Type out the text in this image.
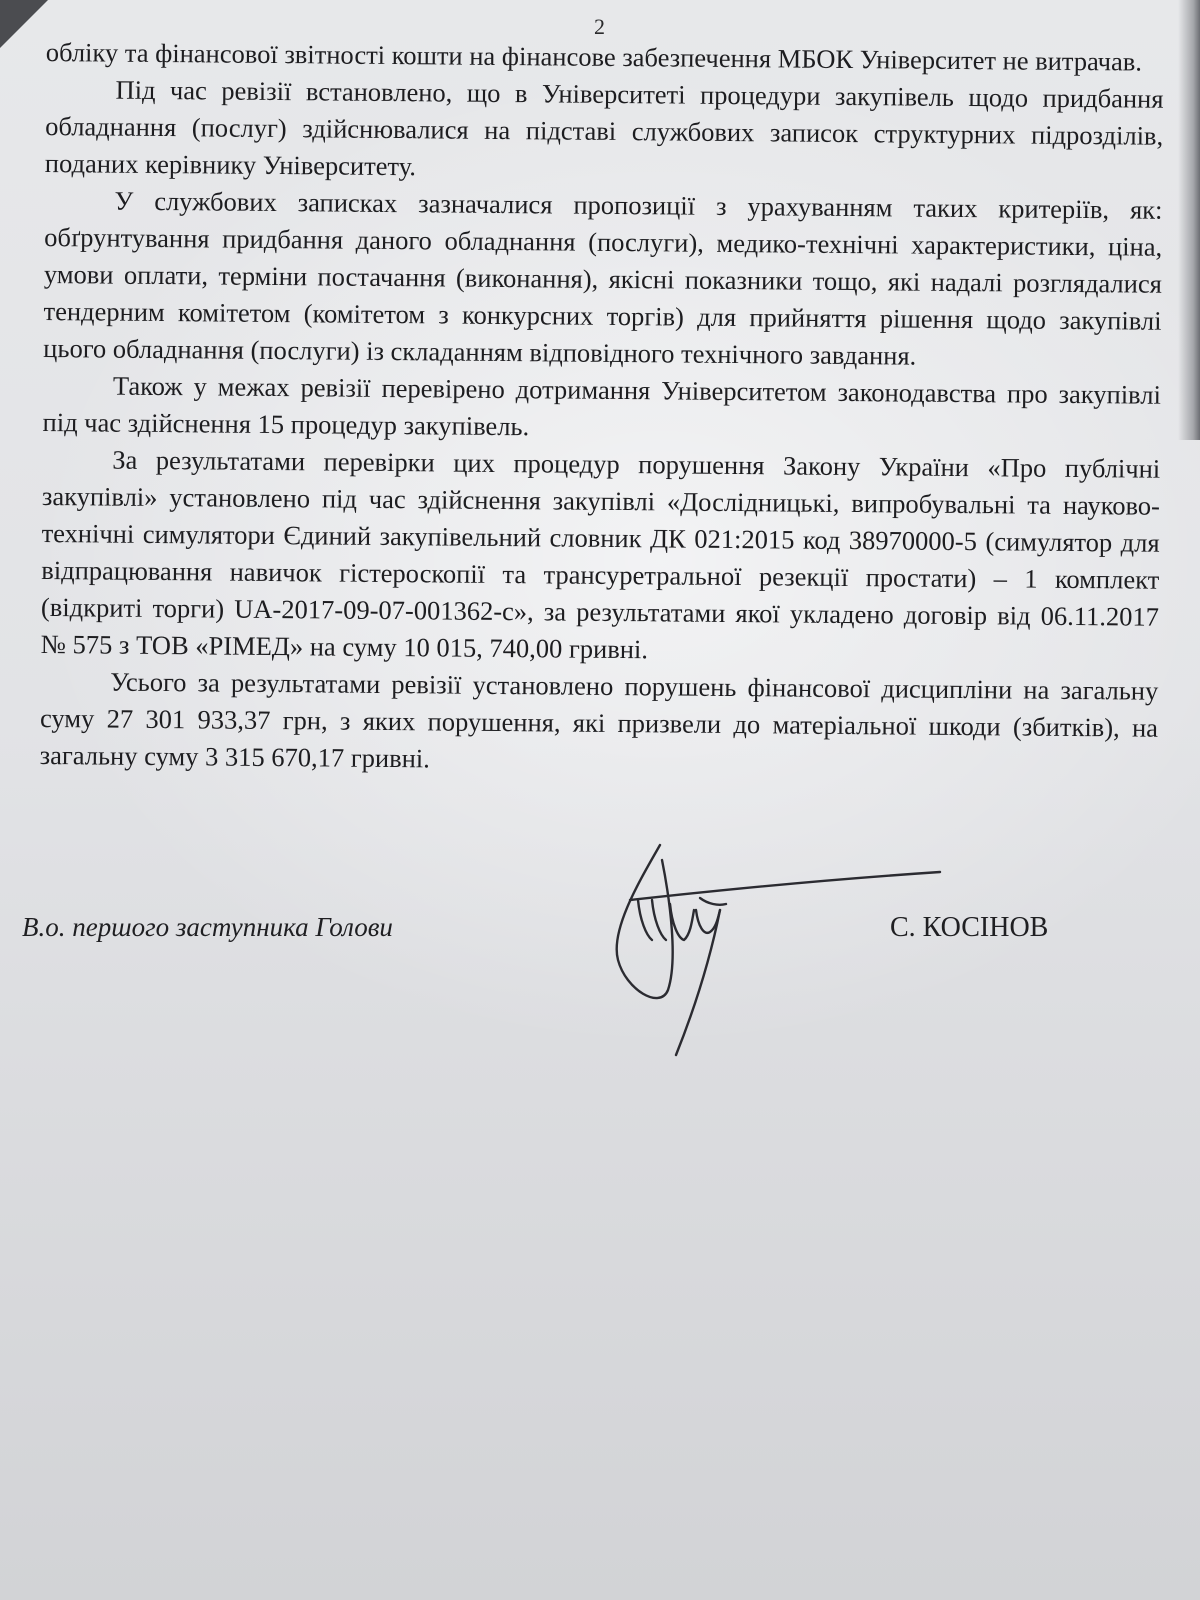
2

обліку та фінансової звітності кошти на фінансове забезпечення МБОК Університет не витрачав.

Під час ревізії встановлено, що в Університеті процедури закупівель щодо придбання обладнання (послуг) здійснювалися на підставі службових записок структурних підрозділів, поданих керівнику Університету.

У службових записках зазначалися пропозиції з урахуванням таких критеріїв, як: обґрунтування придбання даного обладнання (послуги), медико-технічні характеристики, ціна, умови оплати, терміни постачання (виконання), якісні показники тощо, які надалі розглядалися тендерним комітетом (комітетом з конкурсних торгів) для прийняття рішення щодо закупівлі цього обладнання (послуги) із складанням відповідного технічного завдання.

Також у межах ревізії перевірено дотримання Університетом законодавства про закупівлі під час здійснення 15 процедур закупівель.

За результатами перевірки цих процедур порушення Закону України «Про публічні закупівлі» установлено під час здійснення закупівлі «Дослідницькі, випробувальні та науково-технічні симулятори Єдиний закупівельний словник ДК 021:2015 код 38970000-5 (симулятор для відпрацювання навичок гістероскопії та трансуретральної резекції простати) – 1 комплект (відкриті торги) UA-2017-09-07-001362-c», за результатами якої укладено договір від 06.11.2017 № 575 з ТОВ «РІМЕД» на суму 10 015, 740,00 гривні.

Усього за результатами ревізії установлено порушень фінансової дисципліни на загальну суму 27 301 933,37 грн, з яких порушення, які призвели до матеріальної шкоди (збитків), на загальну суму 3 315 670,17 гривні.

В.о. першого заступника Голови	С. КОСІНОВ
